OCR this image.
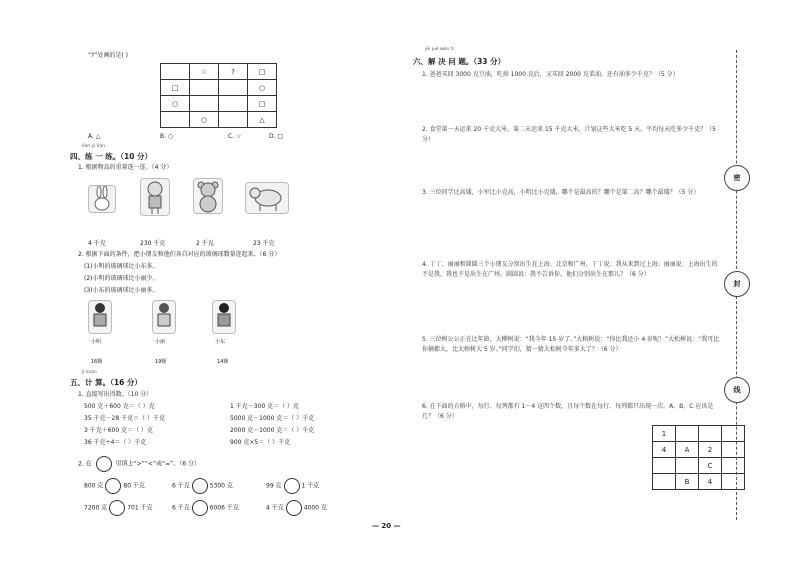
“?”处画的是( )
	☆	?	□
□			○
○			□
	○		△
A. △	B. ○	C. ☆	D. □
liàn yi liàn
四、练 一 练。（10 分）
1. 根据物品的重量连一连。（4 分）
4 千克	230 千克	2 千克	23 千克
2. 根据下面的条件，把小朋友和他们各自对应的玻璃球数量连起来。（6 分）
(1)小明的玻璃球比小东多。
(2)小明的玻璃球比小丽少。
(3)小东的玻璃球比小丽多。
小明	小丽	小东
16颗	19颗	14颗
jì suàn
五、计 算。（16 分）
1. 直接写出得数。（10 分）
500 克＋600 克＝（ ）克	1 千克－300 克＝（ ）克
35 千克－28 千克＝（ ）千克	5000 克－1000 克＝（ ）千克
3 千克＋600 克＝（ ）克	2000 克－1000 克＝（ ）千克
36 千克÷4＝（ ）千克	900 克×5＝（ ）千克
2. 在	里填上“>”“<”或“=”。（6 分）
800 克	80 千克	6 千克	5300 克	99 克	1 千克
7200 克	701 千克	6 千克	6006 千克	4 千克	4000 克
— 20 —
jiě jué wèn tí
六、解 决 问 题。（33 分）
1. 爸爸买回 3000 克豆油，吃掉 1000 克后，又买回 2000 克菜油，还有油多少千克？（5 分）
2. 食堂第一天运来 20 千克大米，第二天运来 15 千克大米，计划这些大米吃 5 天。平均每天吃多少千克？（5 分）
3. 三位同学比高矮，小军比小克高，小明比小克矮，哪个是最高的？哪个是第二高？哪个最矮？（5 分）
4. 丁丁、丽丽和圆圆三个小朋友分别出生在上海、北京和广州。丁丁说：我从来到过上海；丽丽说：上海出生的不是我，我也不是出生在广州。圆圆说：我不告诉你。他们分别出生在那儿？（6 分）
5. 三位树公公正在比年龄，大柳树说：“我今年 15 岁了。”大榕树说：“你比我还小 4 岁呢！”大松树说：“我可比你俩都大，比大榕树大 5 岁。”同学们，猜一猜大松树今年多大了？（6 分）
6. 在下面的方格中，每行、每列都有 1～4 这四个数，且每个数在每行、每列都只出现一次。A、B、C 应该是几？（6 分）
1			
4	A	2	
		C	
	B	4	
密
封
线
